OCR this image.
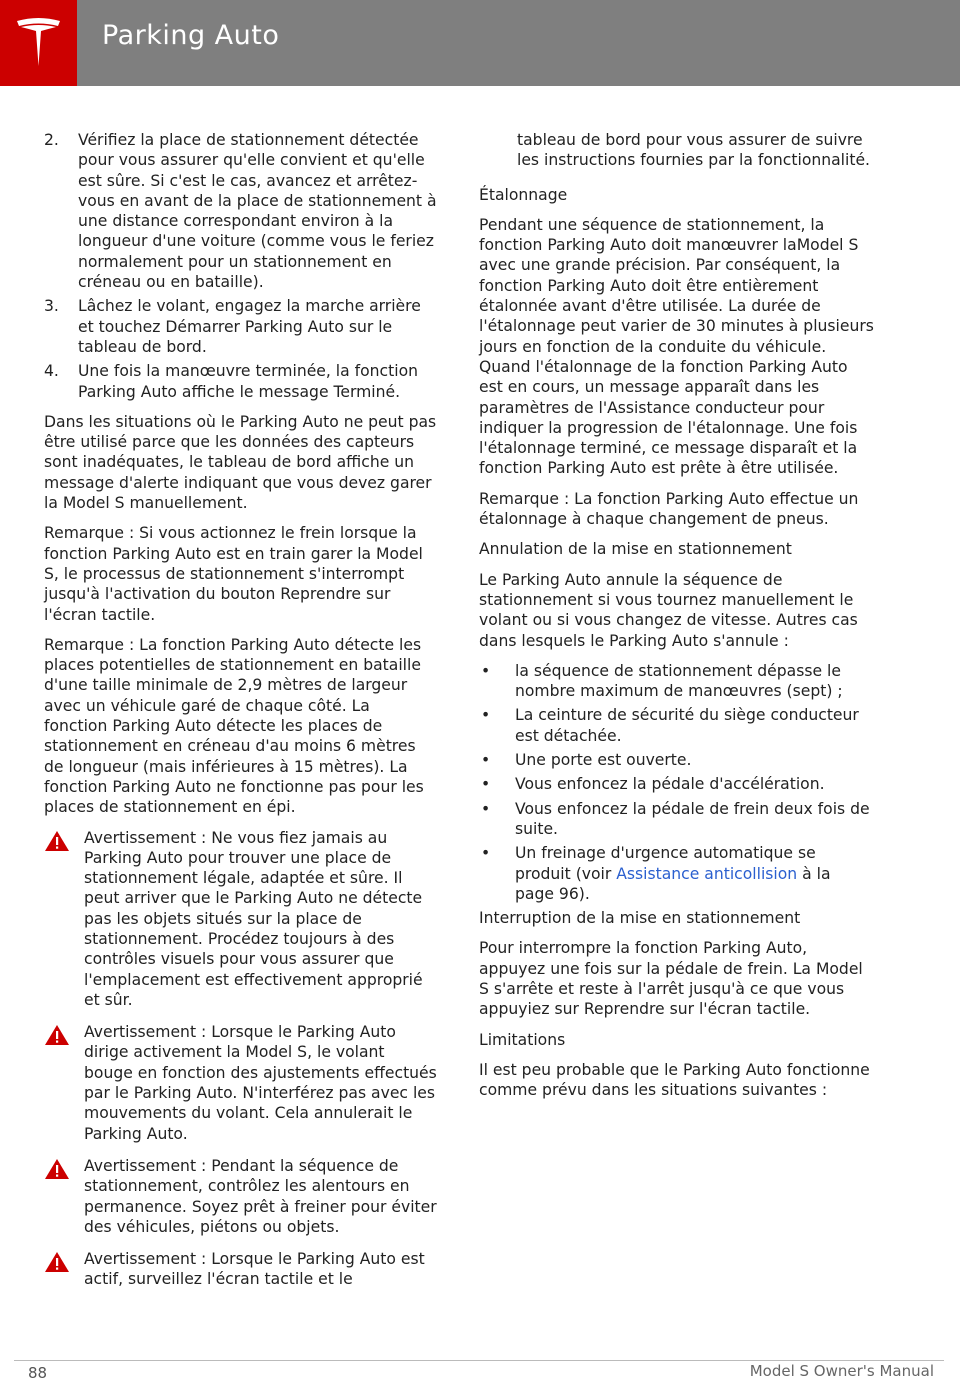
Parking Auto
2.	Vérifiez la place de stationnement détectée pour vous assurer qu'elle convient et qu'elle est sûre. Si c'est le cas, avancez et arrêtez-vous en avant de la place de stationnement à une distance correspondant environ à la longueur d'une voiture (comme vous le feriez normalement pour un stationnement en créneau ou en bataille).
3.	Lâchez le volant, engagez la marche arrière et touchez Démarrer Parking Auto sur le tableau de bord.
4.	Une fois la manœuvre terminée, la fonction Parking Auto affiche le message Terminé.

Dans les situations où le Parking Auto ne peut pas être utilisé parce que les données des capteurs sont inadéquates, le tableau de bord affiche un message d'alerte indiquant que vous devez garer la Model S manuellement.

Remarque : Si vous actionnez le frein lorsque la fonction Parking Auto est en train garer la Model S, le processus de stationnement s'interrompt jusqu'à l'activation du bouton Reprendre sur l'écran tactile.

Remarque : La fonction Parking Auto détecte les places potentielles de stationnement en bataille d'une taille minimale de 2,9 mètres de largeur avec un véhicule garé de chaque côté. La fonction Parking Auto détecte les places de stationnement en créneau d'au moins 6 mètres de longueur (mais inférieures à 15 mètres). La fonction Parking Auto ne fonctionne pas pour les places de stationnement en épi.

Avertissement : Ne vous fiez jamais au Parking Auto pour trouver une place de stationnement légale, adaptée et sûre. Il peut arriver que le Parking Auto ne détecte pas les objets situés sur la place de stationnement. Procédez toujours à des contrôles visuels pour vous assurer que l'emplacement est effectivement approprié et sûr.
Avertissement : Lorsque le Parking Auto dirige activement la Model S, le volant bouge en fonction des ajustements effectués par le Parking Auto. N'interférez pas avec les mouvements du volant. Cela annulerait le Parking Auto.
Avertissement : Pendant la séquence de stationnement, contrôlez les alentours en permanence. Soyez prêt à freiner pour éviter des véhicules, piétons ou objets.
Avertissement : Lorsque le Parking Auto est actif, surveillez l'écran tactile et le

tableau de bord pour vous assurer de suivre les instructions fournies par la fonctionnalité.

Étalonnage

Pendant une séquence de stationnement, la fonction Parking Auto doit manœuvrer laModel S avec une grande précision. Par conséquent, la fonction Parking Auto doit être entièrement étalonnée avant d'être utilisée. La durée de l'étalonnage peut varier de 30 minutes à plusieurs jours en fonction de la conduite du véhicule. Quand l'étalonnage de la fonction Parking Auto est en cours, un message apparaît dans les paramètres de l'Assistance conducteur pour indiquer la progression de l'étalonnage. Une fois l'étalonnage terminé, ce message disparaît et la fonction Parking Auto est prête à être utilisée.

Remarque : La fonction Parking Auto effectue un étalonnage à chaque changement de pneus.

Annulation de la mise en stationnement

Le Parking Auto annule la séquence de stationnement si vous tournez manuellement le volant ou si vous changez de vitesse. Autres cas dans lesquels le Parking Auto s'annule :

•	la séquence de stationnement dépasse le nombre maximum de manœuvres (sept) ;
•	La ceinture de sécurité du siège conducteur est détachée.
•	Une porte est ouverte.
•	Vous enfoncez la pédale d'accélération.
•	Vous enfoncez la pédale de frein deux fois de suite.
•	Un freinage d'urgence automatique se produit (voir Assistance anticollision à la page 96).

Interruption de la mise en stationnement

Pour interrompre la fonction Parking Auto, appuyez une fois sur la pédale de frein. La Model S s'arrête et reste à l'arrêt jusqu'à ce que vous appuyiez sur Reprendre sur l'écran tactile.

Limitations

Il est peu probable que le Parking Auto fonctionne comme prévu dans les situations suivantes :

88	Model S Owner's Manual
